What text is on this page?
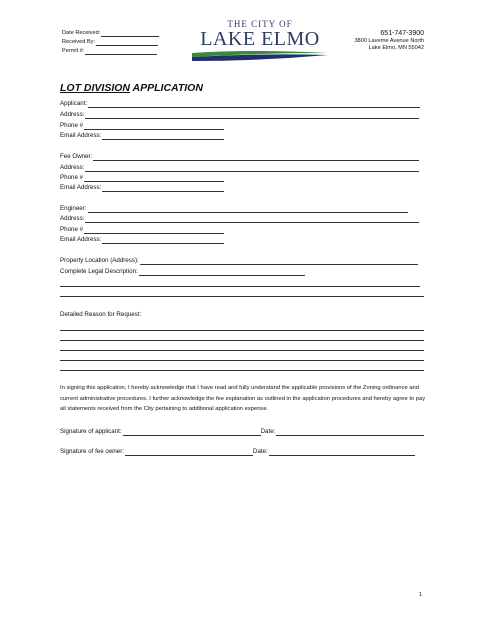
Date Received:
Received By:
Permit #:
THE CITY OF
LAKE ELMO	651-747-3900
3800 Laverne Avenue North
Lake Elmo, MN 55042
LOT DIVISION APPLICATION
Applicant:
Address:
Phone #
Email Address:
Fee Owner:
Address:
Phone #
Email Address:
Engineer:
Address:
Phone #
Email Address:
Property Location (Address):
Complete Legal Description:
Detailed Reason for Request:
In signing this application, I hereby acknowledge that I have read and fully understand the applicable provisions of the Zoning ordinance and current administrative procedures. I further acknowledge the fee explanation as outlined in the application procedures and hereby agree to pay all statements received from the City pertaining to additional application expense.
Signature of applicant:	Date:
Signature of fee owner:	Date:
1
